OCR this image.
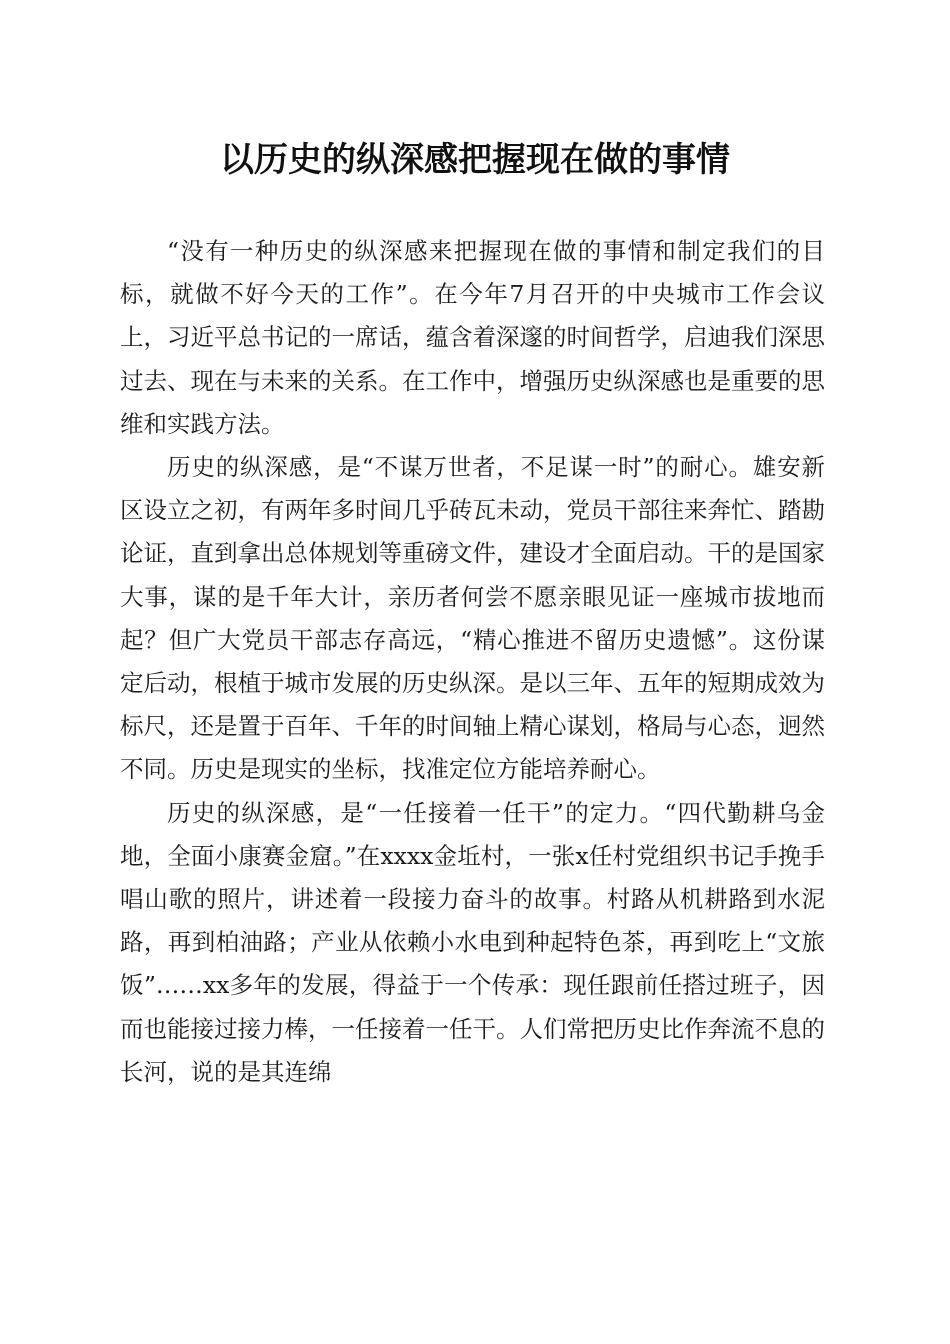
以历史的纵深感把握现在做的事情

“没有一种历史的纵深感来把握现在做的事情和制定我们的目标，就做不好今天的工作”。在今年7月召开的中央城市工作会议上，习近平总书记的一席话，蕴含着深邃的时间哲学，启迪我们深思过去、现在与未来的关系。在工作中，增强历史纵深感也是重要的思维和实践方法。

历史的纵深感，是“不谋万世者，不足谋一时”的耐心。雄安新区设立之初，有两年多时间几乎砖瓦未动，党员干部往来奔忙、踏勘论证，直到拿出总体规划等重磅文件，建设才全面启动。干的是国家大事，谋的是千年大计，亲历者何尝不愿亲眼见证一座城市拔地而起？但广大党员干部志存高远，“精心推进不留历史遗憾”。这份谋定后动，根植于城市发展的历史纵深。是以三年、五年的短期成效为标尺，还是置于百年、千年的时间轴上精心谋划，格局与心态，迥然不同。历史是现实的坐标，找准定位方能培养耐心。

历史的纵深感，是“一任接着一任干”的定力。“四代勤耕乌金地，全面小康赛金窟。”在xxxx金坵村，一张x任村党组织书记手挽手唱山歌的照片，讲述着一段接力奋斗的故事。村路从机耕路到水泥路，再到柏油路；产业从依赖小水电到种起特色茶，再到吃上“文旅饭”……xx多年的发展，得益于一个传承：现任跟前任搭过班子，因而也能接过接力棒，一任接着一任干。人们常把历史比作奔流不息的长河，说的是其连绵
